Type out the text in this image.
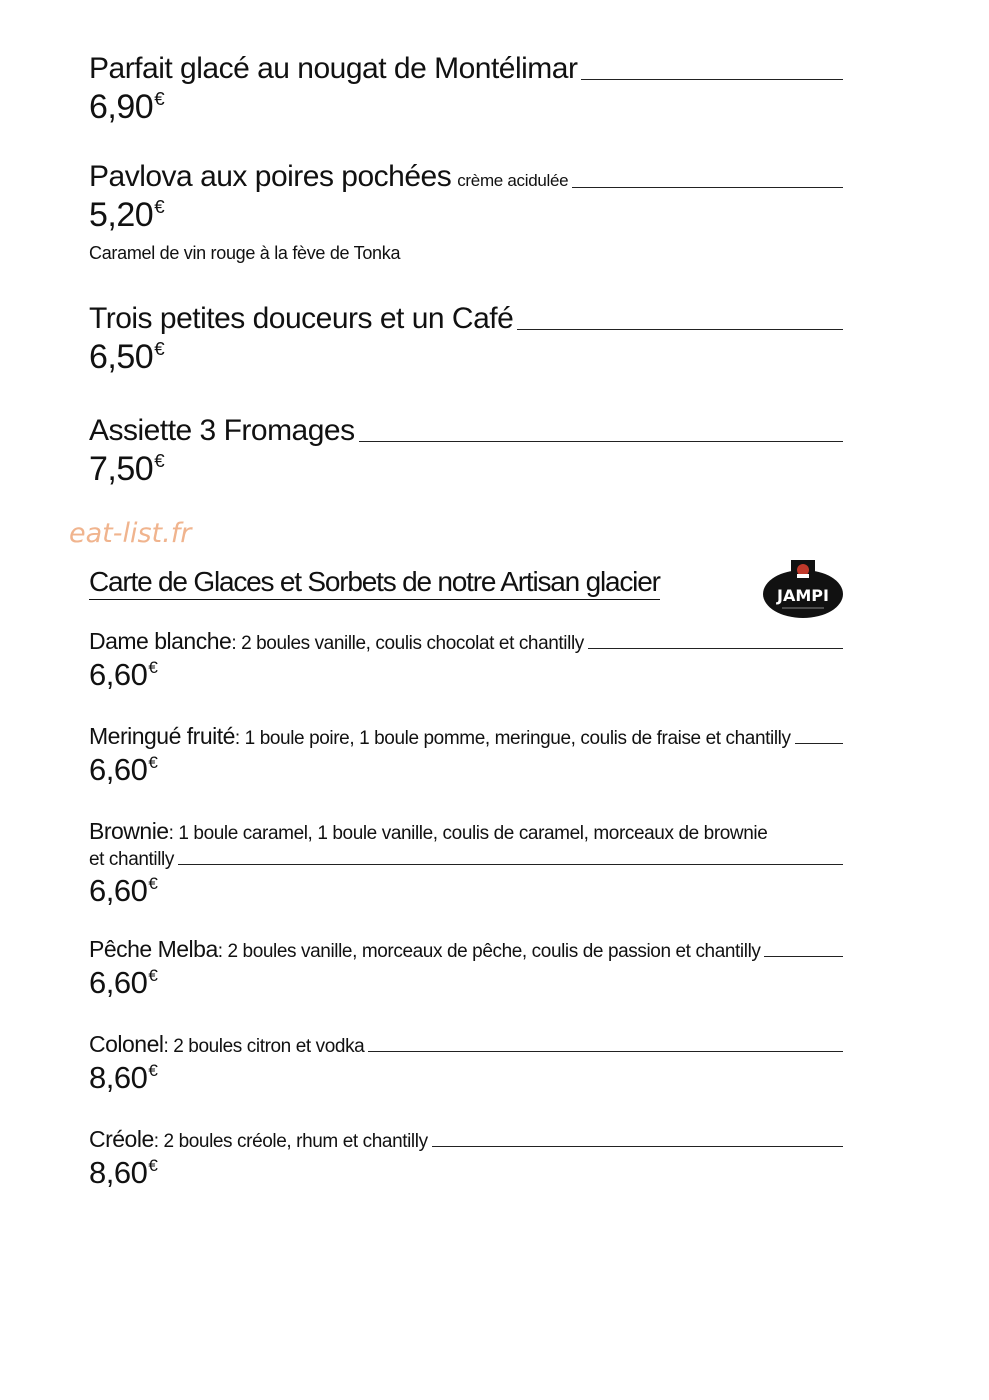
Parfait glacé au nougat de Montélimar
6,90€
Pavlova aux poires pochées crème acidulée
5,20€
Caramel de vin rouge à la fève de Tonka
Trois petites douceurs et un Café
6,50€
Assiette 3 Fromages
7,50€
eat-list.fr
Carte de Glaces et Sorbets de notre Artisan glacier	JAMPI
Dame blanche : 2 boules vanille, coulis chocolat et chantilly
6,60€
Meringué fruité : 1 boule poire, 1 boule pomme, meringue, coulis de fraise et chantilly
6,60€
Brownie : 1 boule caramel, 1 boule vanille, coulis de caramel, morceaux de brownie
et chantilly
6,60€
Pêche Melba : 2 boules vanille, morceaux de pêche, coulis de passion et chantilly
6,60€
Colonel : 2 boules citron et vodka
8,60€
Créole : 2 boules créole, rhum et chantilly
8,60€
